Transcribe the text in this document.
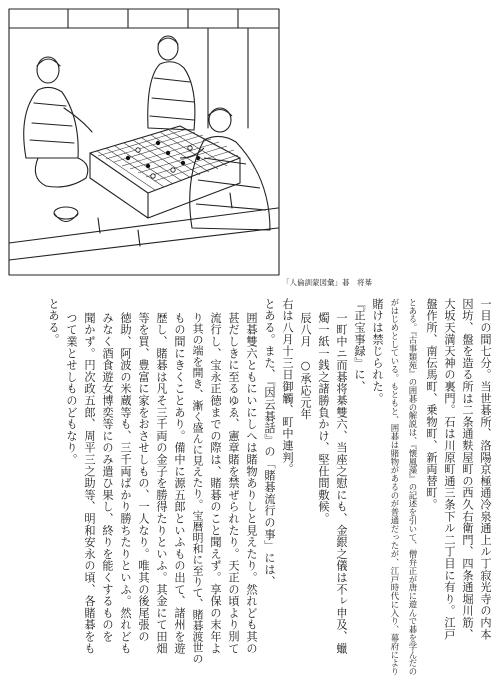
「人倫訓蒙図彙」碁　将棊
一目の間七分。当世碁所、洛陽京極通冷泉通上ル丁寂光寺の内本
因坊、盤を造る所は二条通麩屋町の西久右衛門、四条通堀川筋、
大坂天満天神の裏門。石は川原町通三条下ル二丁目に有り。江戸
盤作所、南伝馬町、乗物町、新両替町。
とある。『古事類苑』の囲碁の解説は、『懐風藻』の記述を引いて、僧弁正が唐に遊んで碁を学んだの
がはじめとしている。もともと、囲碁は賭物があるのが普通だったが、江戸時代に入り、幕府により
賭けは禁じられた。
『正宝事録』に、
一町中ニ而碁将棊雙六、当座之慰にも、金銀之儀は不ㇾ申及、蠟
燭一紙一銭之諸勝負かけ、堅仕間敷候。
辰八月　○承応元年
右は八月十三日御觸、町中連判。
とある。また、『因云碁話』の「賭碁流行の事」には、
囲碁雙六ともにいにしへは賭物ありしと見えたり。然れども其の
甚だしきに至るゆゑ、憲章賭を禁ぜられたり。天正の頃より別て
流行し、宝永正徳までの際は、賭碁のこと聞えず。享保の末年よ
り其の端を開き、漸く盛んに見えたり。宝暦明和に至りて、賭碁渡世の
もの間にきくことあり。備中に源五郎といふもの出て、諸州を遊
歴し、賭碁は凡そ三千両の金子を勝得たりといふ。其金にて田畑
等を買、豊富に家をおさせしもの、一人なり。唯其の後尾張の
徳助、阿波の米蔵等も、三千両ばかり勝ちたりといふ。然れども
みなく酒食遊女博奕等にのみ遣ひ果し、終りを能くするものを
聞かず。円次政五郎、周平三之助等、明和安永の頃、各賭碁をも
つて業とせしものどもなり。
とある。
